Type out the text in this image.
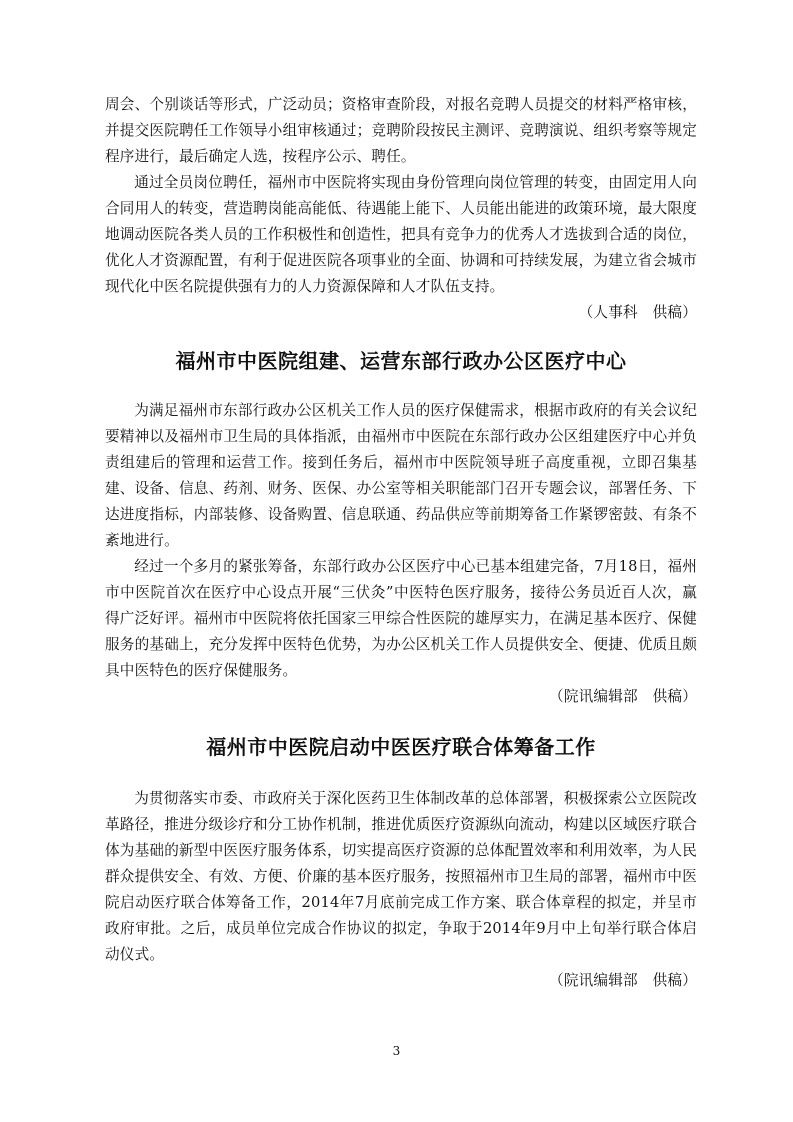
周会、个别谈话等形式，广泛动员；资格审查阶段，对报名竞聘人员提交的材料严格审核，并提交医院聘任工作领导小组审核通过；竞聘阶段按民主测评、竞聘演说、组织考察等规定程序进行，最后确定人选，按程序公示、聘任。

通过全员岗位聘任，福州市中医院将实现由身份管理向岗位管理的转变，由固定用人向合同用人的转变，营造聘岗能高能低、待遇能上能下、人员能出能进的政策环境，最大限度地调动医院各类人员的工作积极性和创造性，把具有竞争力的优秀人才选拔到合适的岗位，优化人才资源配置，有利于促进医院各项事业的全面、协调和可持续发展，为建立省会城市现代化中医名院提供强有力的人力资源保障和人才队伍支持。

（人事科　供稿）

福州市中医院组建、运营东部行政办公区医疗中心

为满足福州市东部行政办公区机关工作人员的医疗保健需求，根据市政府的有关会议纪要精神以及福州市卫生局的具体指派，由福州市中医院在东部行政办公区组建医疗中心并负责组建后的管理和运营工作。接到任务后，福州市中医院领导班子高度重视，立即召集基建、设备、信息、药剂、财务、医保、办公室等相关职能部门召开专题会议，部署任务、下达进度指标，内部装修、设备购置、信息联通、药品供应等前期筹备工作紧锣密鼓、有条不紊地进行。

经过一个多月的紧张筹备，东部行政办公区医疗中心已基本组建完备，7月18日，福州市中医院首次在医疗中心设点开展“三伏灸”中医特色医疗服务，接待公务员近百人次，赢得广泛好评。福州市中医院将依托国家三甲综合性医院的雄厚实力，在满足基本医疗、保健服务的基础上，充分发挥中医特色优势，为办公区机关工作人员提供安全、便捷、优质且颇具中医特色的医疗保健服务。

（院讯编辑部　供稿）

福州市中医院启动中医医疗联合体筹备工作

为贯彻落实市委、市政府关于深化医药卫生体制改革的总体部署，积极探索公立医院改革路径，推进分级诊疗和分工协作机制，推进优质医疗资源纵向流动，构建以区域医疗联合体为基础的新型中医医疗服务体系，切实提高医疗资源的总体配置效率和利用效率，为人民群众提供安全、有效、方便、价廉的基本医疗服务，按照福州市卫生局的部署，福州市中医院启动医疗联合体筹备工作，2014年7月底前完成工作方案、联合体章程的拟定，并呈市政府审批。之后，成员单位完成合作协议的拟定，争取于2014年9月中上旬举行联合体启动仪式。

（院讯编辑部　供稿）

3
